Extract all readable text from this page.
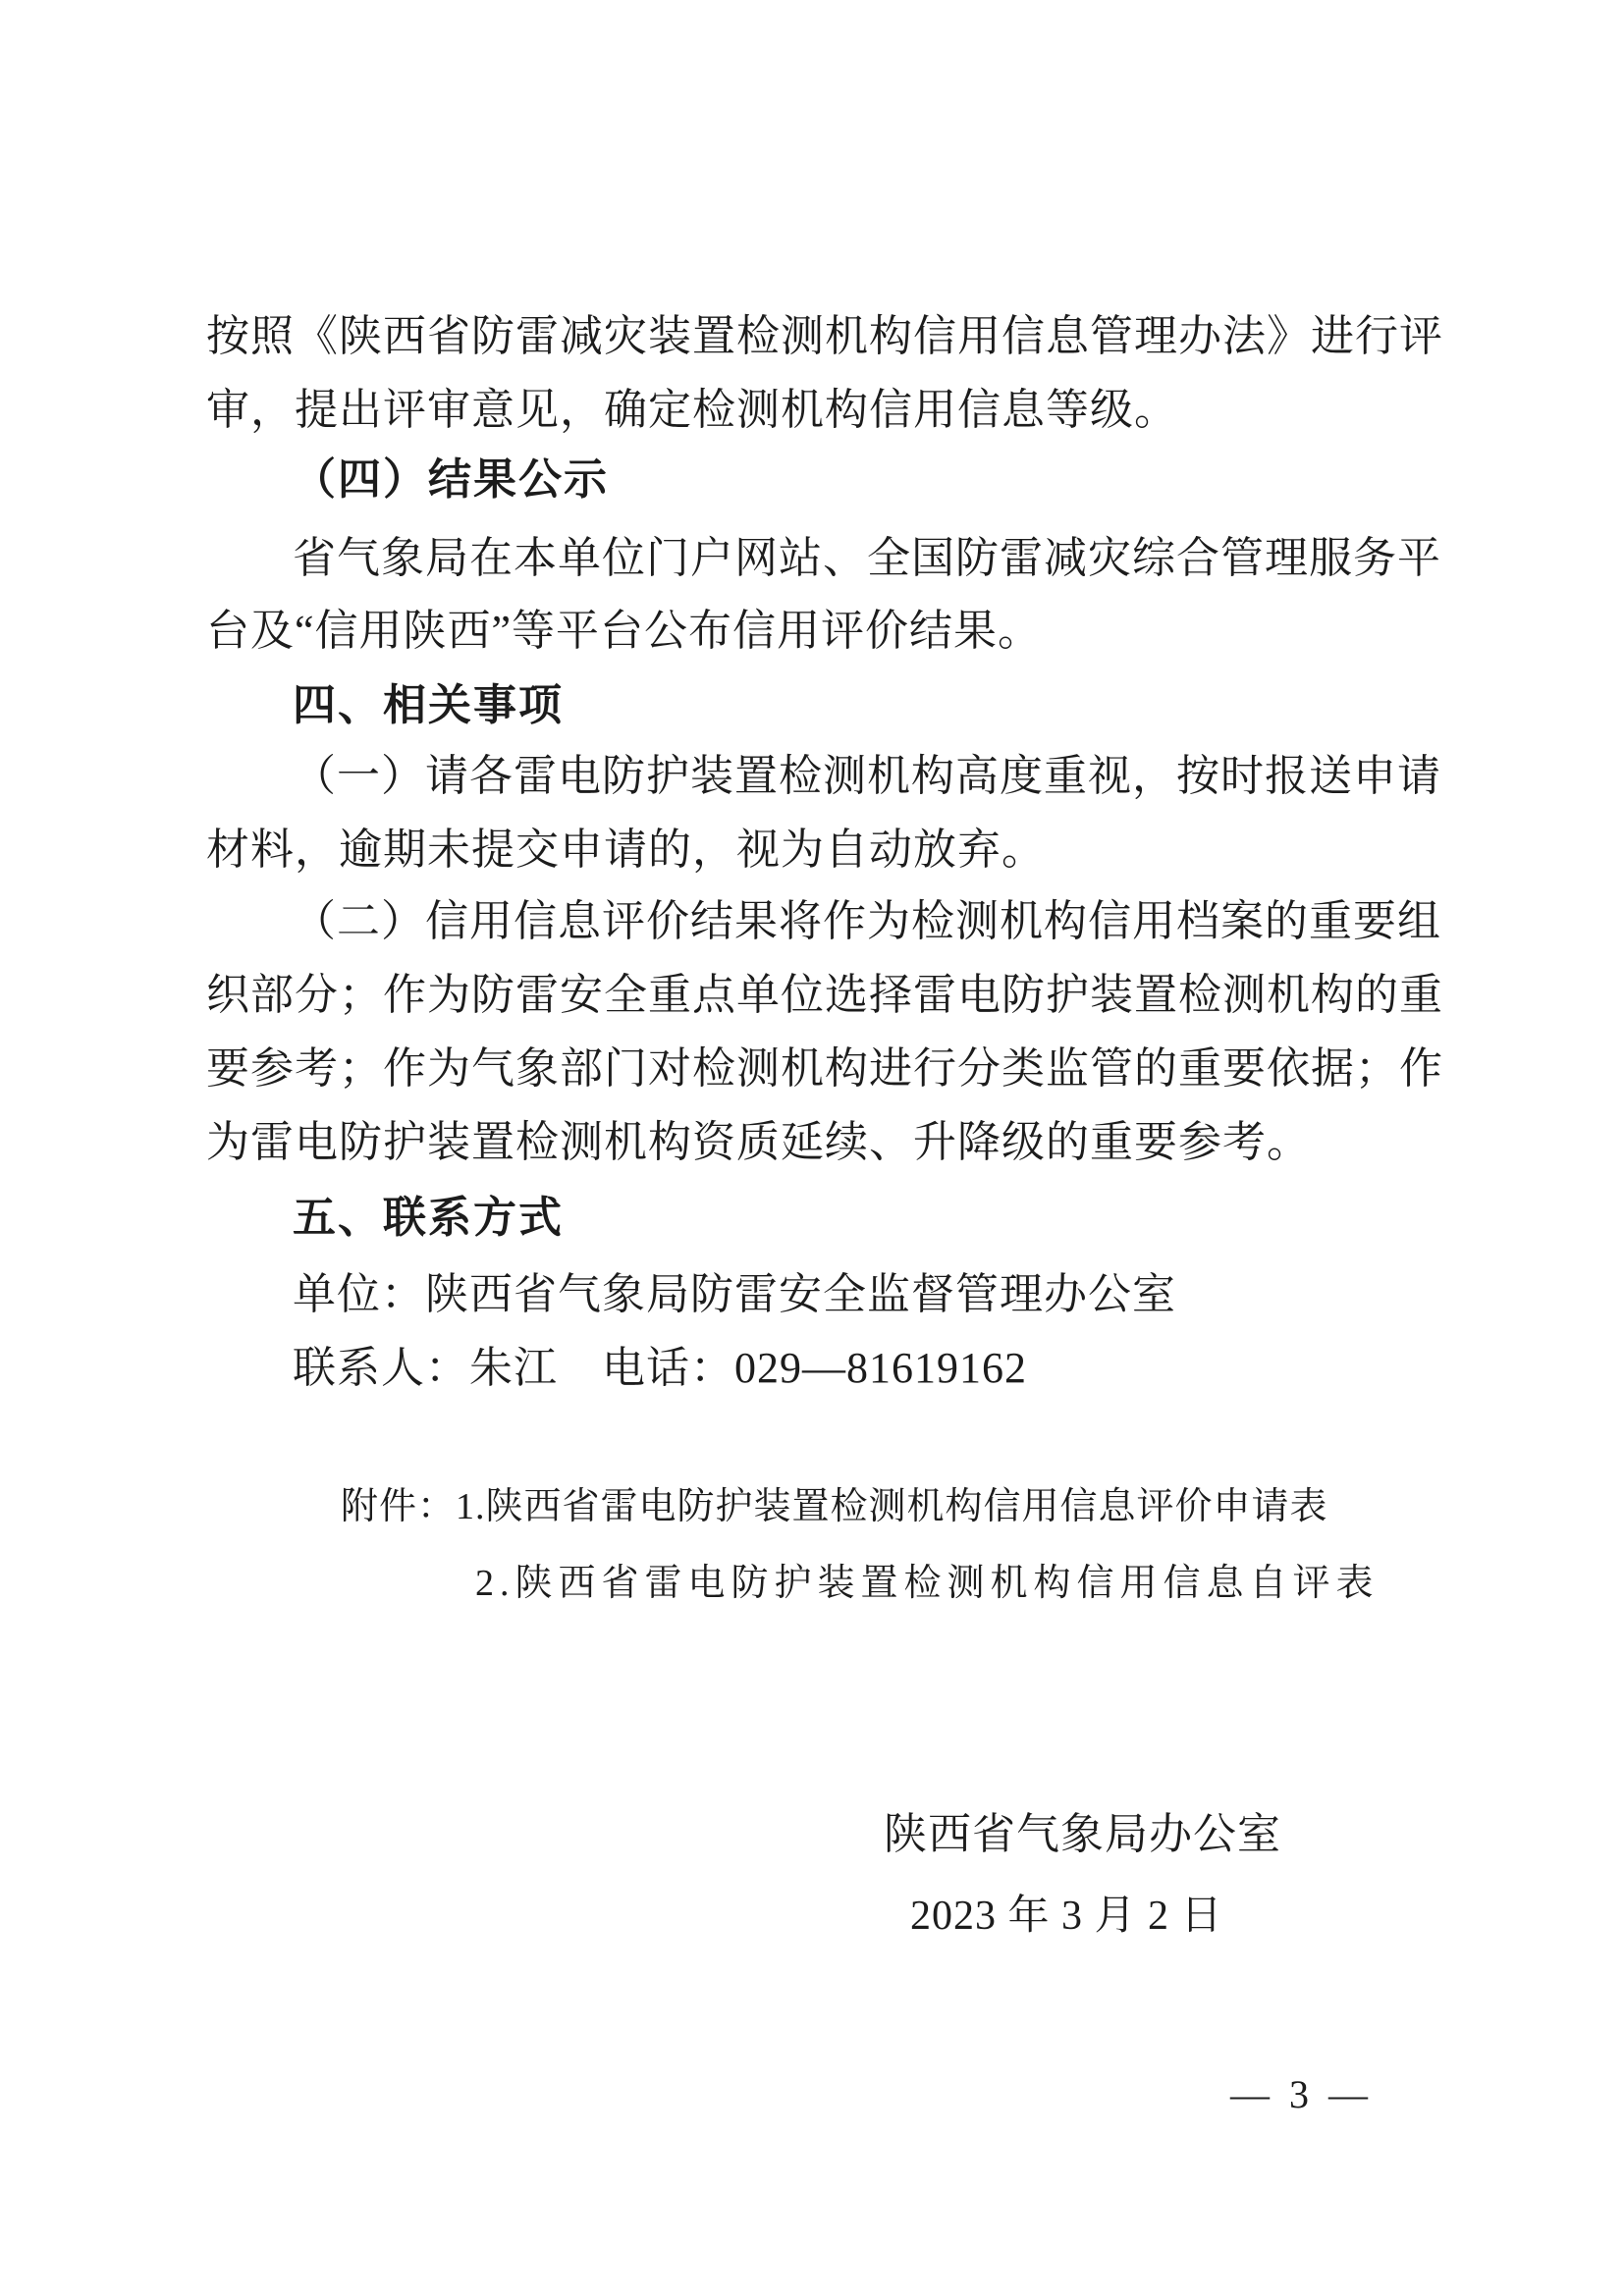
按照《陕西省防雷减灾装置检测机构信用信息管理办法》进行评
审，提出评审意见，确定检测机构信用信息等级。
（四）结果公示
省气象局在本单位门户网站、全国防雷减灾综合管理服务平
台及“信用陕西”等平台公布信用评价结果。
四、相关事项
（一）请各雷电防护装置检测机构高度重视，按时报送申请
材料，逾期未提交申请的，视为自动放弃。
（二）信用信息评价结果将作为检测机构信用档案的重要组
织部分；作为防雷安全重点单位选择雷电防护装置检测机构的重
要参考；作为气象部门对检测机构进行分类监管的重要依据；作
为雷电防护装置检测机构资质延续、升降级的重要参考。
五、联系方式
单位：陕西省气象局防雷安全监督管理办公室
联系人：朱江　电话：029—81619162
附件：1.陕西省雷电防护装置检测机构信用信息评价申请表
2.陕西省雷电防护装置检测机构信用信息自评表
陕西省气象局办公室
2023 年 3 月 2 日
— 3 —
